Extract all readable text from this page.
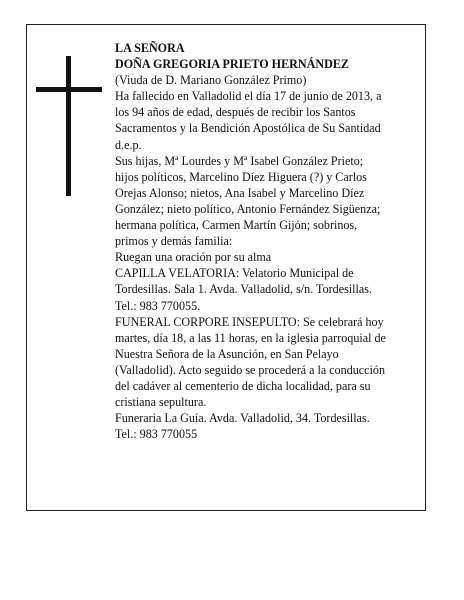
LA SEÑORA
DOÑA GREGORIA PRIETO HERNÁNDEZ
(Viuda de D. Mariano González Primo)
Ha fallecido en Valladolid el día 17 de junio de 2013, a
los 94 años de edad, después de recibir los Santos
Sacramentos y la Bendición Apostólica de Su Santidad
d.e.p.
Sus hijas, Mª Lourdes y Mª Isabel González Prieto;
hijos políticos, Marcelino Díez Higuera (?) y Carlos
Orejas Alonso; nietos, Ana Isabel y Marcelino Díez
González; nieto político, Antonio Fernández Sigüenza;
hermana política, Carmen Martín Gijón; sobrinos,
primos y demás familia:
Ruegan una oración por su alma
CAPILLA VELATORIA: Velatorio Municipal de
Tordesillas. Sala 1. Avda. Valladolid, s/n. Tordesillas.
Tel.: 983 770055.
FUNERAL CORPORE INSEPULTO: Se celebrará hoy
martes, día 18, a las 11 horas, en la iglesia parroquial de
Nuestra Señora de la Asunción, en San Pelayo
(Valladolid). Acto seguido se procederá a la conducción
del cadáver al cementerio de dicha localidad, para su
cristiana sepultura.
Funeraria La Guía. Avda. Valladolid, 34. Tordesillas.
Tel.: 983 770055
